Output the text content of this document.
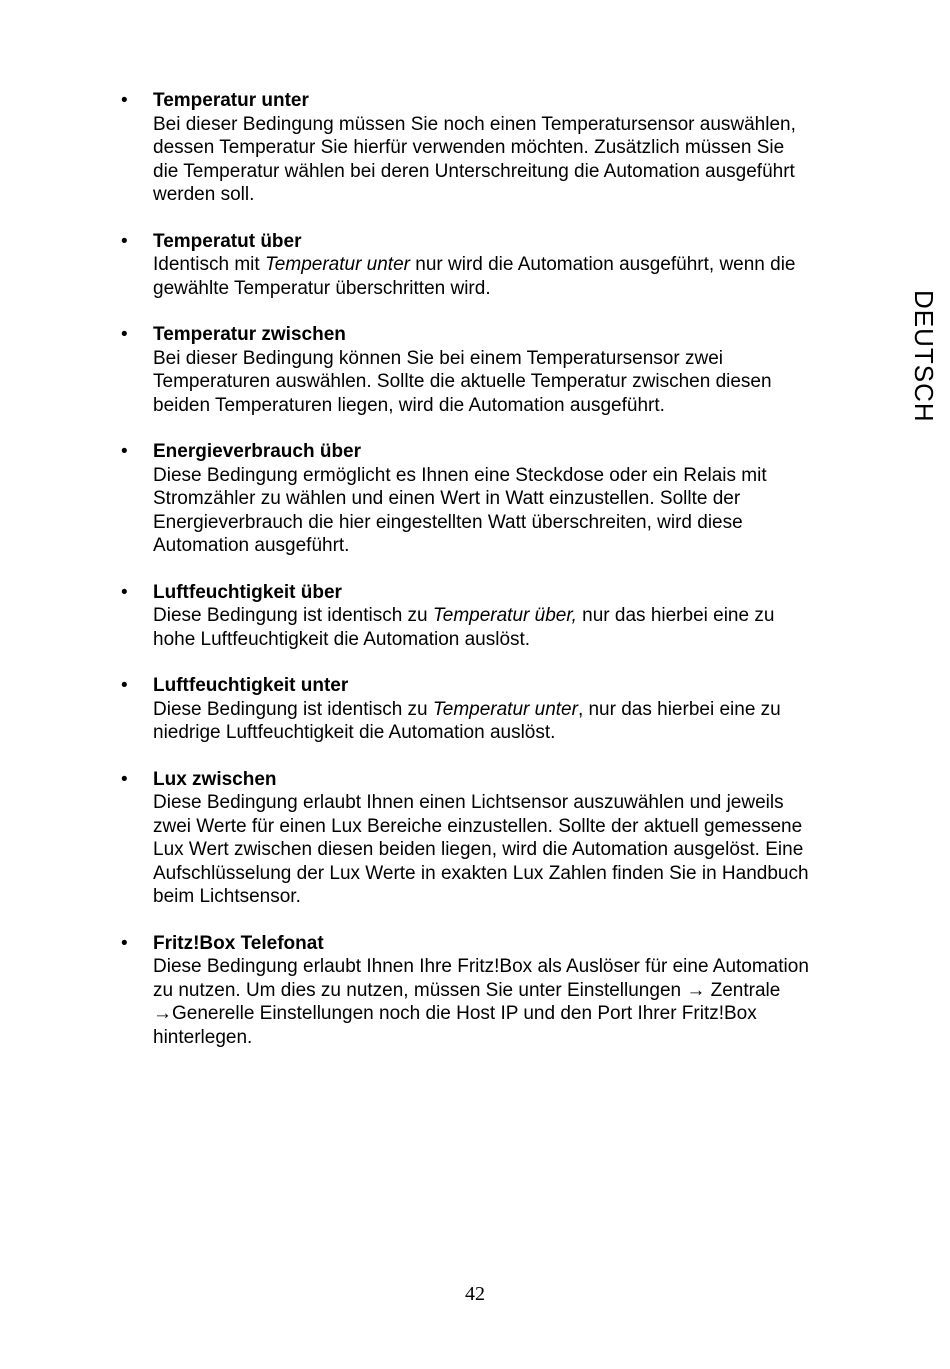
DEUTSCH
• Temperatur unter
Bei dieser Bedingung müssen Sie noch einen Temperatursensor auswählen,
dessen Temperatur Sie hierfür verwenden möchten. Zusätzlich müssen Sie
die Temperatur wählen bei deren Unterschreitung die Automation ausgeführt
werden soll.
• Temperatut über
Identisch mit Temperatur unter nur wird die Automation ausgeführt, wenn die
gewählte Temperatur überschritten wird.
• Temperatur zwischen
Bei dieser Bedingung können Sie bei einem Temperatursensor zwei
Temperaturen auswählen. Sollte die aktuelle Temperatur zwischen diesen
beiden Temperaturen liegen, wird die Automation ausgeführt.
• Energieverbrauch über
Diese Bedingung ermöglicht es Ihnen eine Steckdose oder ein Relais mit
Stromzähler zu wählen und einen Wert in Watt einzustellen. Sollte der
Energieverbrauch die hier eingestellten Watt überschreiten, wird diese
Automation ausgeführt.
• Luftfeuchtigkeit über
Diese Bedingung ist identisch zu Temperatur über, nur das hierbei eine zu
hohe Luftfeuchtigkeit die Automation auslöst.
• Luftfeuchtigkeit unter
Diese Bedingung ist identisch zu Temperatur unter, nur das hierbei eine zu
niedrige Luftfeuchtigkeit die Automation auslöst.
• Lux zwischen
Diese Bedingung erlaubt Ihnen einen Lichtsensor auszuwählen und jeweils
zwei Werte für einen Lux Bereiche einzustellen. Sollte der aktuell gemessene
Lux Wert zwischen diesen beiden liegen, wird die Automation ausgelöst. Eine
Aufschlüsselung der Lux Werte in exakten Lux Zahlen finden Sie in Handbuch
beim Lichtsensor.
• Fritz!Box Telefonat
Diese Bedingung erlaubt Ihnen Ihre Fritz!Box als Auslöser für eine Automation
zu nutzen. Um dies zu nutzen, müssen Sie unter Einstellungen → Zentrale
→Generelle Einstellungen noch die Host IP und den Port Ihrer Fritz!Box
hinterlegen.
42
